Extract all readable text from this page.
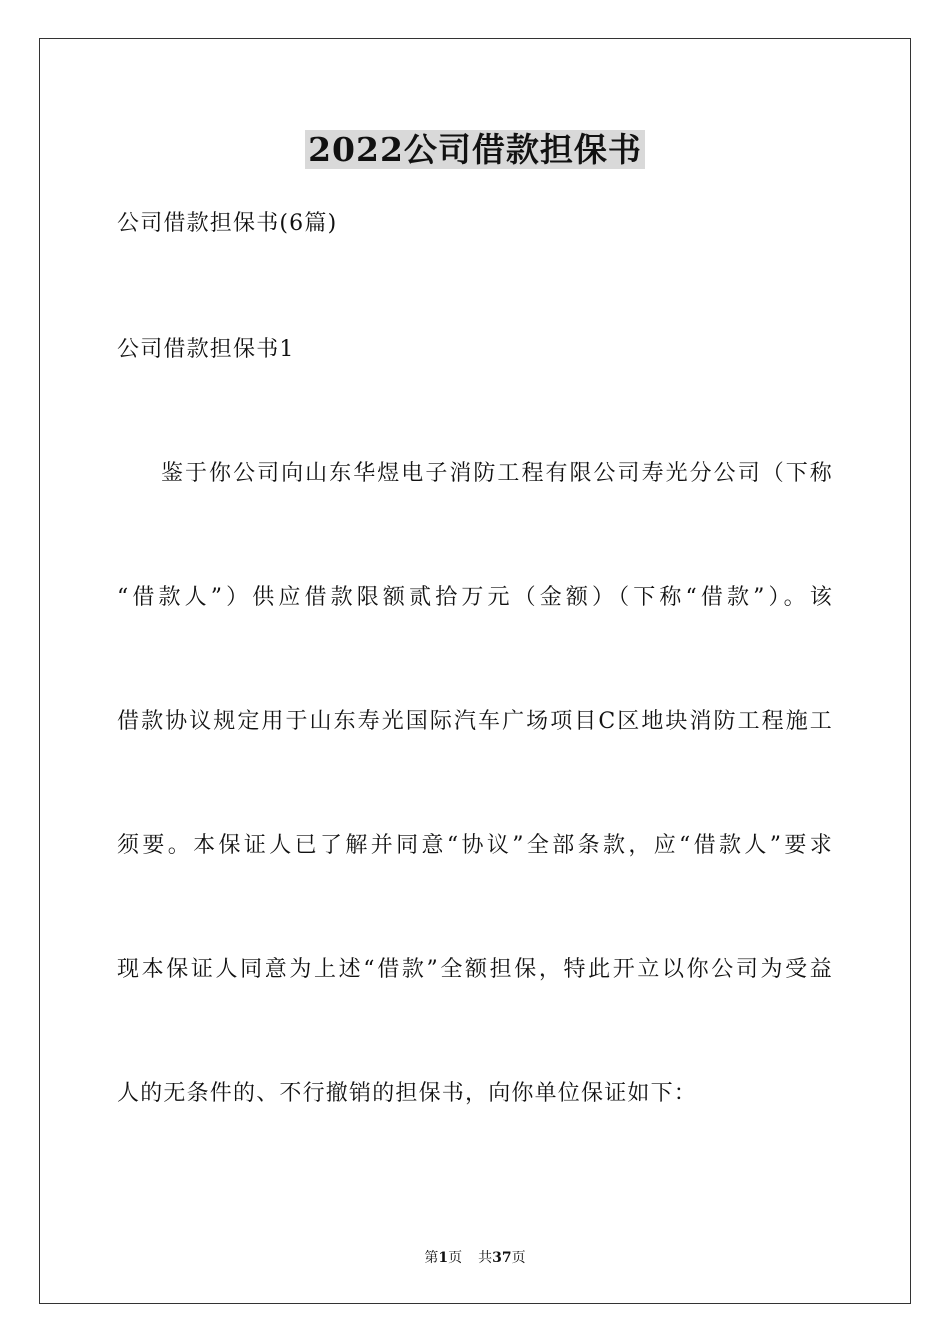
2022公司借款担保书
公司借款担保书(6篇)
公司借款担保书1
鉴于你公司向山东华煜电子消防工程有限公司寿光分公司（下称
“借款人”）供应借款限额贰拾万元（金额）（下称“借款”）。该
借款协议规定用于山东寿光国际汽车广场项目C区地块消防工程施工
须要。本保证人已了解并同意“协议”全部条款，应“借款人”要求
现本保证人同意为上述“借款”全额担保，特此开立以你公司为受益
人的无条件的、不行撤销的担保书，向你单位保证如下：
第1页 共37页
